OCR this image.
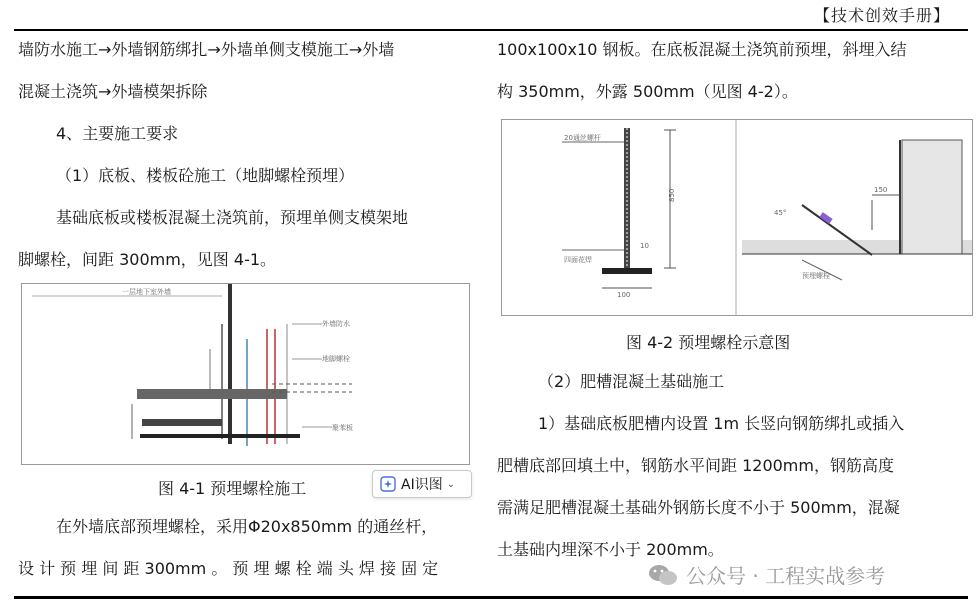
【技术创效手册】
墙防水施工→外墙钢筋绑扎→外墙单侧支模施工→外墙
混凝土浇筑→外墙模架拆除
4、主要施工要求
（1）底板、楼板砼施工（地脚螺栓预埋）
基础底板或楼板混凝土浇筑前，预埋单侧支模架地
脚螺栓，间距 300mm，见图 4-1。
一层地下室外墙
外墙防水
地脚螺栓
聚苯板
图 4-1 预埋螺栓施工	AI识图 ⌄
在外墙底部预埋螺栓，采用Φ20x850mm 的通丝杆，
设 计 预 埋 间 距 300mm 。 预 埋 螺 栓 端 头 焊 接 固 定
100x100x10 钢板。在底板混凝土浇筑前预埋，斜埋入结
构 350mm，外露 500mm（见图 4-2）。
850
100
20通丝螺杆
四面花焊
10
150
45°
预埋螺栓
图 4-2 预埋螺栓示意图
（2）肥槽混凝土基础施工
1）基础底板肥槽内设置 1m 长竖向钢筋绑扎或插入
肥槽底部回填土中，钢筋水平间距 1200mm，钢筋高度
需满足肥槽混凝土基础外钢筋长度不小于 500mm，混凝
土基础内埋深不小于 200mm。
公众号 · 工程实战参考
